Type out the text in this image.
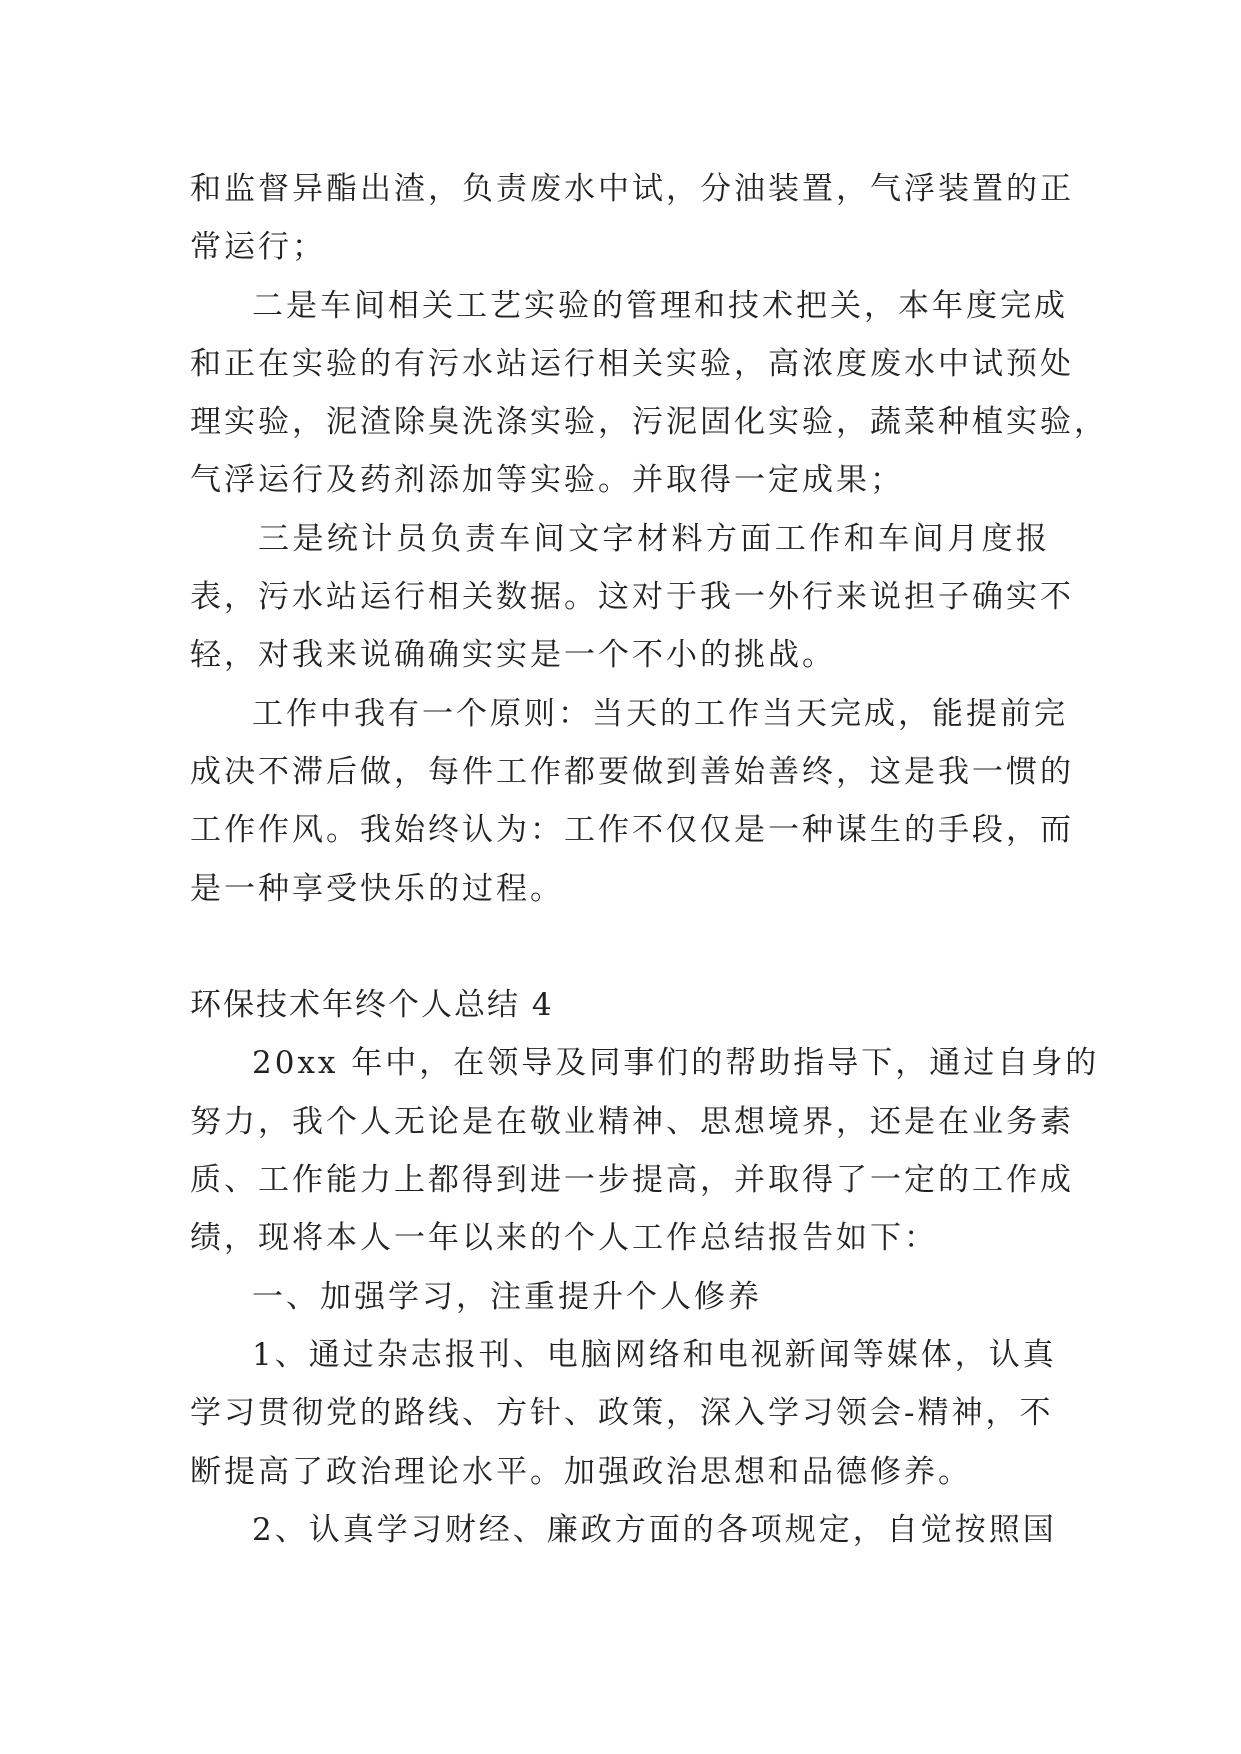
和监督异酯出渣，负责废水中试，分油装置，气浮装置的正
常运行；
二是车间相关工艺实验的管理和技术把关，本年度完成
和正在实验的有污水站运行相关实验，高浓度废水中试预处
理实验，泥渣除臭洗涤实验，污泥固化实验，蔬菜种植实验，
气浮运行及药剂添加等实验。并取得一定成果；
三是统计员负责车间文字材料方面工作和车间月度报
表，污水站运行相关数据。这对于我一外行来说担子确实不
轻，对我来说确确实实是一个不小的挑战。
工作中我有一个原则：当天的工作当天完成，能提前完
成决不滞后做，每件工作都要做到善始善终，这是我一惯的
工作作风。我始终认为：工作不仅仅是一种谋生的手段，而
是一种享受快乐的过程。
环保技术年终个人总结 4
20xx 年中，在领导及同事们的帮助指导下，通过自身的
努力，我个人无论是在敬业精神、思想境界，还是在业务素
质、工作能力上都得到进一步提高，并取得了一定的工作成
绩，现将本人一年以来的个人工作总结报告如下：
一、加强学习，注重提升个人修养
1、通过杂志报刊、电脑网络和电视新闻等媒体，认真
学习贯彻党的路线、方针、政策，深入学习领会-精神，不
断提高了政治理论水平。加强政治思想和品德修养。
2、认真学习财经、廉政方面的各项规定，自觉按照国
